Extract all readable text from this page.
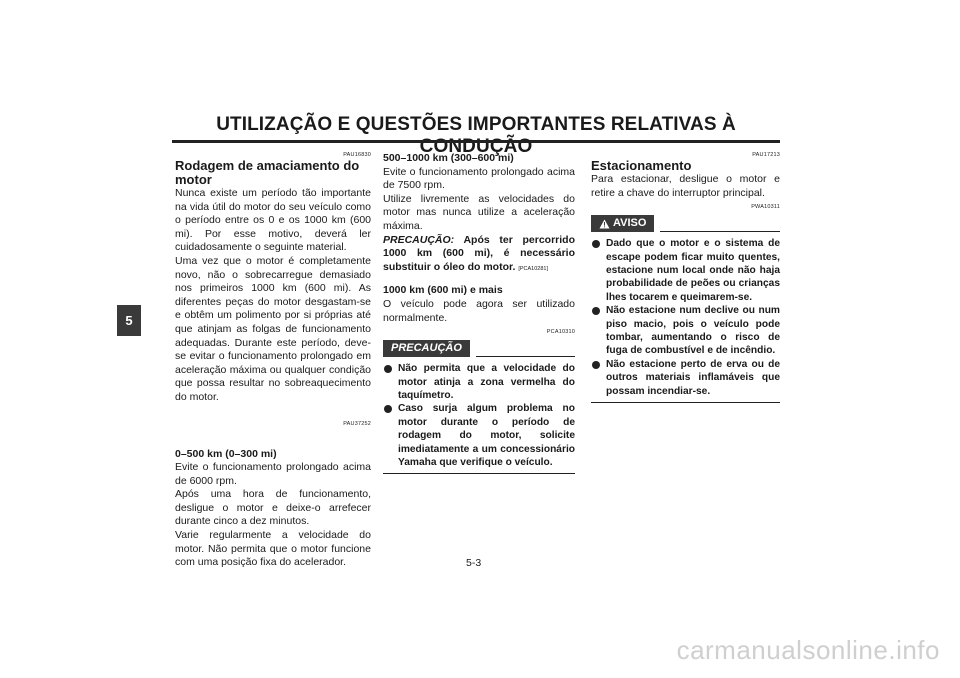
UTILIZAÇÃO E QUESTÕES IMPORTANTES RELATIVAS À CONDUÇÃO
5
PAU16830
Rodagem de amaciamento do motor

Nunca existe um período tão importante na vida útil do motor do seu veículo como o período entre os 0 e os 1000 km (600 mi). Por esse motivo, deverá ler cuidadosamente o seguinte material.

Uma vez que o motor é completamente novo, não o sobrecarregue demasiado nos primeiros 1000 km (600 mi). As diferentes peças do motor desgastam-se e obtêm um polimento por si próprias até que atinjam as folgas de funcionamento adequadas. Durante este período, deve-se evitar o funcionamento prolongado em aceleração máxima ou qualquer condição que possa resultar no sobreaquecimento do motor.

PAU37252
0–500 km (0–300 mi)

Evite o funcionamento prolongado acima de 6000 rpm.

Após uma hora de funcionamento, desligue o motor e deixe-o arrefecer durante cinco a dez minutos.

Varie regularmente a velocidade do motor. Não permita que o motor funcione com uma posição fixa do acelerador.

500–1000 km (300–600 mi)

Evite o funcionamento prolongado acima de 7500 rpm.

Utilize livremente as velocidades do motor mas nunca utilize a aceleração máxima.

PRECAUÇÃO: Após ter percorrido 1000 km (600 mi), é necessário substituir o óleo do motor. [PCA10281]

1000 km (600 mi) e mais

O veículo pode agora ser utilizado normalmente.

PCA10310
PRECAUÇÃO
Não permita que a velocidade do motor atinja a zona vermelha do taquímetro.
Caso surja algum problema no motor durante o período de rodagem do motor, solicite imediatamente a um concessionário Yamaha que verifique o veículo.
PAU17213
Estacionamento

Para estacionar, desligue o motor e retire a chave do interruptor principal.

PWA10311
AVISO
Dado que o motor e o sistema de escape podem ficar muito quentes, estacione num local onde não haja probabilidade de peões ou crianças lhes tocarem e queimarem-se.
Não estacione num declive ou num piso macio, pois o veículo pode tombar, aumentando o risco de fuga de combustível e de incêndio.
Não estacione perto de erva ou de outros materiais inflamáveis que possam incendiar-se.
5-3
carmanualsonline.info
